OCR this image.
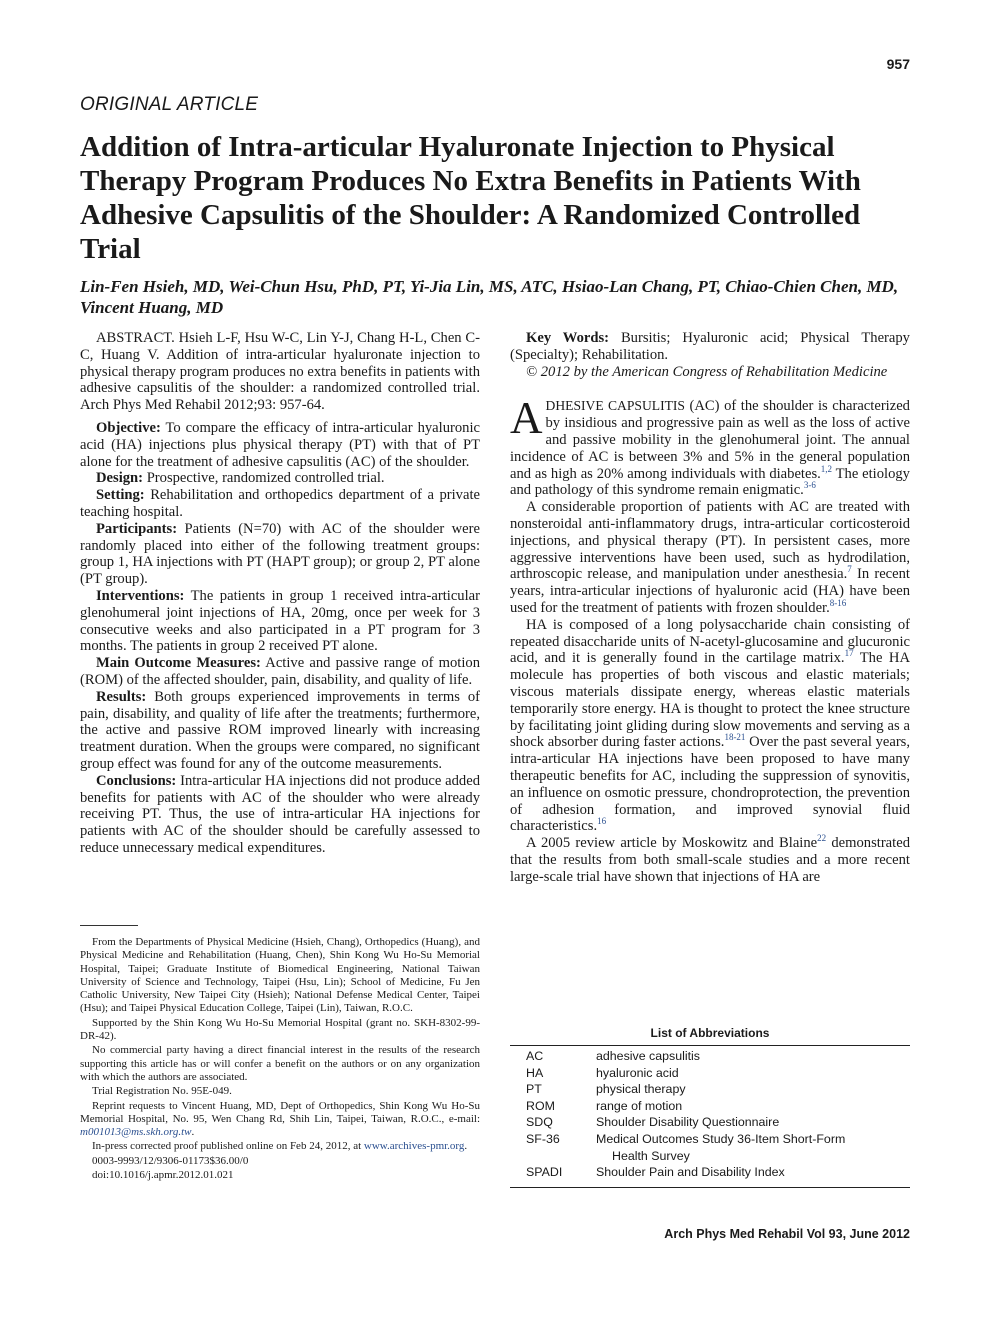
957
ORIGINAL ARTICLE
Addition of Intra-articular Hyaluronate Injection to Physical Therapy Program Produces No Extra Benefits in Patients With Adhesive Capsulitis of the Shoulder: A Randomized Controlled Trial
Lin-Fen Hsieh, MD, Wei-Chun Hsu, PhD, PT, Yi-Jia Lin, MS, ATC, Hsiao-Lan Chang, PT, Chiao-Chien Chen, MD, Vincent Huang, MD

ABSTRACT. Hsieh L-F, Hsu W-C, Lin Y-J, Chang H-L, Chen C-C, Huang V. Addition of intra-articular hyaluronate injection to physical therapy program produces no extra benefits in patients with adhesive capsulitis of the shoulder: a randomized controlled trial. Arch Phys Med Rehabil 2012;93: 957-64.

Objective: To compare the efficacy of intra-articular hyaluronic acid (HA) injections plus physical therapy (PT) with that of PT alone for the treatment of adhesive capsulitis (AC) of the shoulder.

Design: Prospective, randomized controlled trial.

Setting: Rehabilitation and orthopedics department of a private teaching hospital.

Participants: Patients (N=70) with AC of the shoulder were randomly placed into either of the following treatment groups: group 1, HA injections with PT (HAPT group); or group 2, PT alone (PT group).

Interventions: The patients in group 1 received intra-articular glenohumeral joint injections of HA, 20mg, once per week for 3 consecutive weeks and also participated in a PT program for 3 months. The patients in group 2 received PT alone.

Main Outcome Measures: Active and passive range of motion (ROM) of the affected shoulder, pain, disability, and quality of life.

Results: Both groups experienced improvements in terms of pain, disability, and quality of life after the treatments; furthermore, the active and passive ROM improved linearly with increasing treatment duration. When the groups were compared, no significant group effect was found for any of the outcome measurements.

Conclusions: Intra-articular HA injections did not produce added benefits for patients with AC of the shoulder who were already receiving PT. Thus, the use of intra-articular HA injections for patients with AC of the shoulder should be carefully assessed to reduce unnecessary medical expenditures.

Key Words: Bursitis; Hyaluronic acid; Physical Therapy (Specialty); Rehabilitation.

© 2012 by the American Congress of Rehabilitation Medicine

ADHESIVE CAPSULITIS (AC) of the shoulder is characterized by insidious and progressive pain as well as the loss of active and passive mobility in the glenohumeral joint. The annual incidence of AC is between 3% and 5% in the general population and as high as 20% among individuals with diabetes.$^{1,2}$ The etiology and pathology of this syndrome remain enigmatic.$^{3-6}$

A considerable proportion of patients with AC are treated with nonsteroidal anti-inflammatory drugs, intra-articular corticosteroid injections, and physical therapy (PT). In persistent cases, more aggressive interventions have been used, such as hydrodilation, arthroscopic release, and manipulation under anesthesia.$^7$ In recent years, intra-articular injections of hyaluronic acid (HA) have been used for the treatment of patients with frozen shoulder.$^{8-16}$

HA is composed of a long polysaccharide chain consisting of repeated disaccharide units of N-acetyl-glucosamine and glucuronic acid, and it is generally found in the cartilage matrix.$^{17}$ The HA molecule has properties of both viscous and elastic materials; viscous materials dissipate energy, whereas elastic materials temporarily store energy. HA is thought to protect the knee structure by facilitating joint gliding during slow movements and serving as a shock absorber during faster actions.$^{18-21}$ Over the past several years, intra-articular HA injections have been proposed to have many therapeutic benefits for AC, including the suppression of synovitis, an influence on osmotic pressure, chondroprotection, the prevention of adhesion formation, and improved synovial fluid characteristics.$^{16}$

A 2005 review article by Moskowitz and Blaine$^{22}$ demonstrated that the results from both small-scale studies and a more recent large-scale trial have shown that injections of HA are

From the Departments of Physical Medicine (Hsieh, Chang), Orthopedics (Huang), and Physical Medicine and Rehabilitation (Huang, Chen), Shin Kong Wu Ho-Su Memorial Hospital, Taipei; Graduate Institute of Biomedical Engineering, National Taiwan University of Science and Technology, Taipei (Hsu, Lin); School of Medicine, Fu Jen Catholic University, New Taipei City (Hsieh); National Defense Medical Center, Taipei (Hsu); and Taipei Physical Education College, Taipei (Lin), Taiwan, R.O.C.

Supported by the Shin Kong Wu Ho-Su Memorial Hospital (grant no. SKH-8302-99-DR-42).

No commercial party having a direct financial interest in the results of the research supporting this article has or will confer a benefit on the authors or on any organization with which the authors are associated.

Trial Registration No. 95E-049.

Reprint requests to Vincent Huang, MD, Dept of Orthopedics, Shin Kong Wu Ho-Su Memorial Hospital, No. 95, Wen Chang Rd, Shih Lin, Taipei, Taiwan, R.O.C., e-mail: m001013@ms.skh.org.tw.

In-press corrected proof published online on Feb 24, 2012, at www.archives-pmr.org.

0003-9993/12/9306-01173$36.00/0

doi:10.1016/j.apmr.2012.01.021

List of Abbreviations
AC	adhesive capsulitis
HA	hyaluronic acid
PT	physical therapy
ROM	range of motion
SDQ	Shoulder Disability Questionnaire
SF-36	Medical Outcomes Study 36-Item Short-Form
Health Survey

SPADI	Shoulder Pain and Disability Index
Arch Phys Med Rehabil Vol 93, June 2012
